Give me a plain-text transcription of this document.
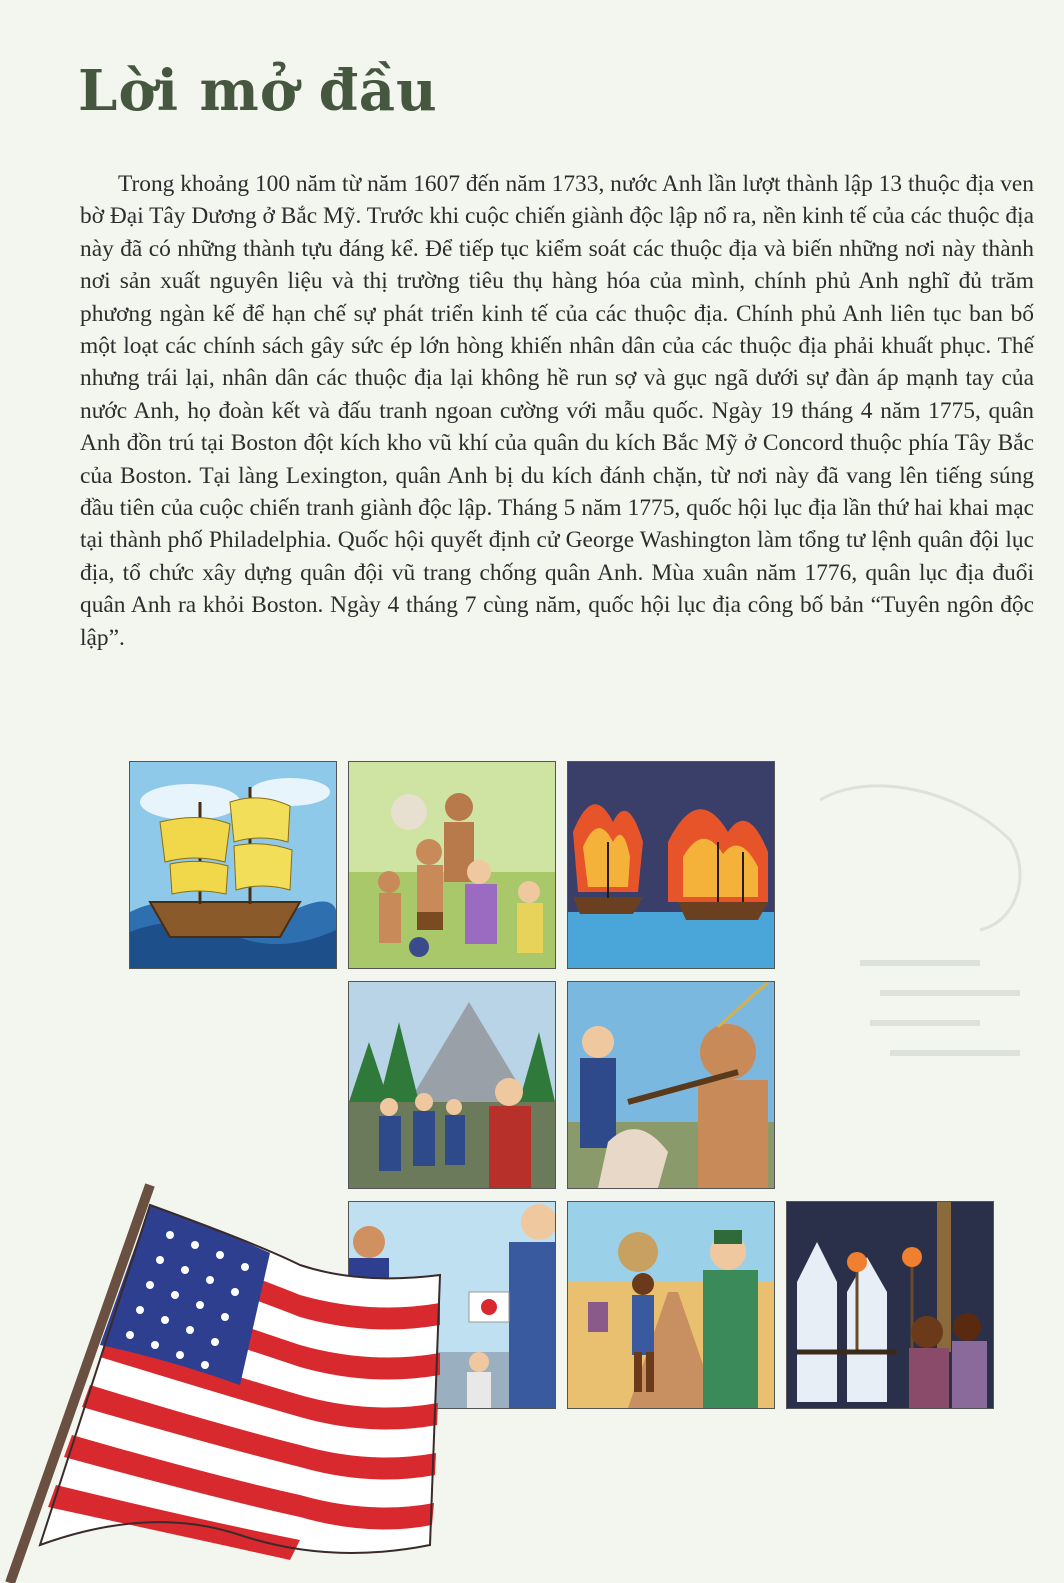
Lời mở đầu

Trong khoảng 100 năm từ năm 1607 đến năm 1733, nước Anh lần lượt thành lập 13 thuộc địa ven bờ Đại Tây Dương ở Bắc Mỹ. Trước khi cuộc chiến giành độc lập nổ ra, nền kinh tế của các thuộc địa này đã có những thành tựu đáng kể. Để tiếp tục kiểm soát các thuộc địa và biến những nơi này thành nơi sản xuất nguyên liệu và thị trường tiêu thụ hàng hóa của mình, chính phủ Anh nghĩ đủ trăm phương ngàn kế để hạn chế sự phát triển kinh tế của các thuộc địa. Chính phủ Anh liên tục ban bố một loạt các chính sách gây sức ép lớn hòng khiến nhân dân của các thuộc địa phải khuất phục. Thế nhưng trái lại, nhân dân các thuộc địa lại không hề run sợ và gục ngã dưới sự đàn áp mạnh tay của nước Anh, họ đoàn kết và đấu tranh ngoan cường với mẫu quốc. Ngày 19 tháng 4 năm 1775, quân Anh đồn trú tại Boston đột kích kho vũ khí của quân du kích Bắc Mỹ ở Concord thuộc phía Tây Bắc của Boston. Tại làng Lexington, quân Anh bị du kích đánh chặn, từ nơi này đã vang lên tiếng súng đầu tiên của cuộc chiến tranh giành độc lập. Tháng 5 năm 1775, quốc hội lục địa lần thứ hai khai mạc tại thành phố Philadelphia. Quốc hội quyết định cử George Washington làm tổng tư lệnh quân đội lục địa, tổ chức xây dựng quân đội vũ trang chống quân Anh. Mùa xuân năm 1776, quân lục địa đuổi quân Anh ra khỏi Boston. Ngày 4 tháng 7 cùng năm, quốc hội lục địa công bố bản “Tuyên ngôn độc lập”.
